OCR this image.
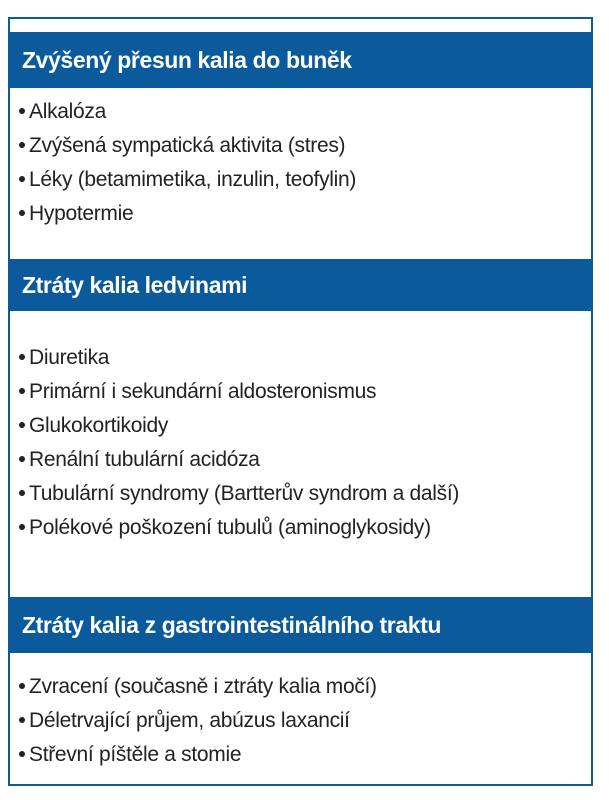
Zvýšený přesun kalia do buněk
Alkalóza
Zvýšená sympatická aktivita (stres)
Léky (betamimetika, inzulin, teofylin)
Hypotermie
Ztráty kalia ledvinami
Diuretika
Primární i sekundární aldosteronismus
Glukokortikoidy
Renální tubulární acidóza
Tubulární syndromy (Bartterův syndrom a další)
Polékové poškození tubulů (aminoglykosidy)
Ztráty kalia z gastrointestinálního traktu
Zvracení (současně i ztráty kalia močí)
Déletrvající průjem, abúzus laxancií
Střevní píštěle a stomie
